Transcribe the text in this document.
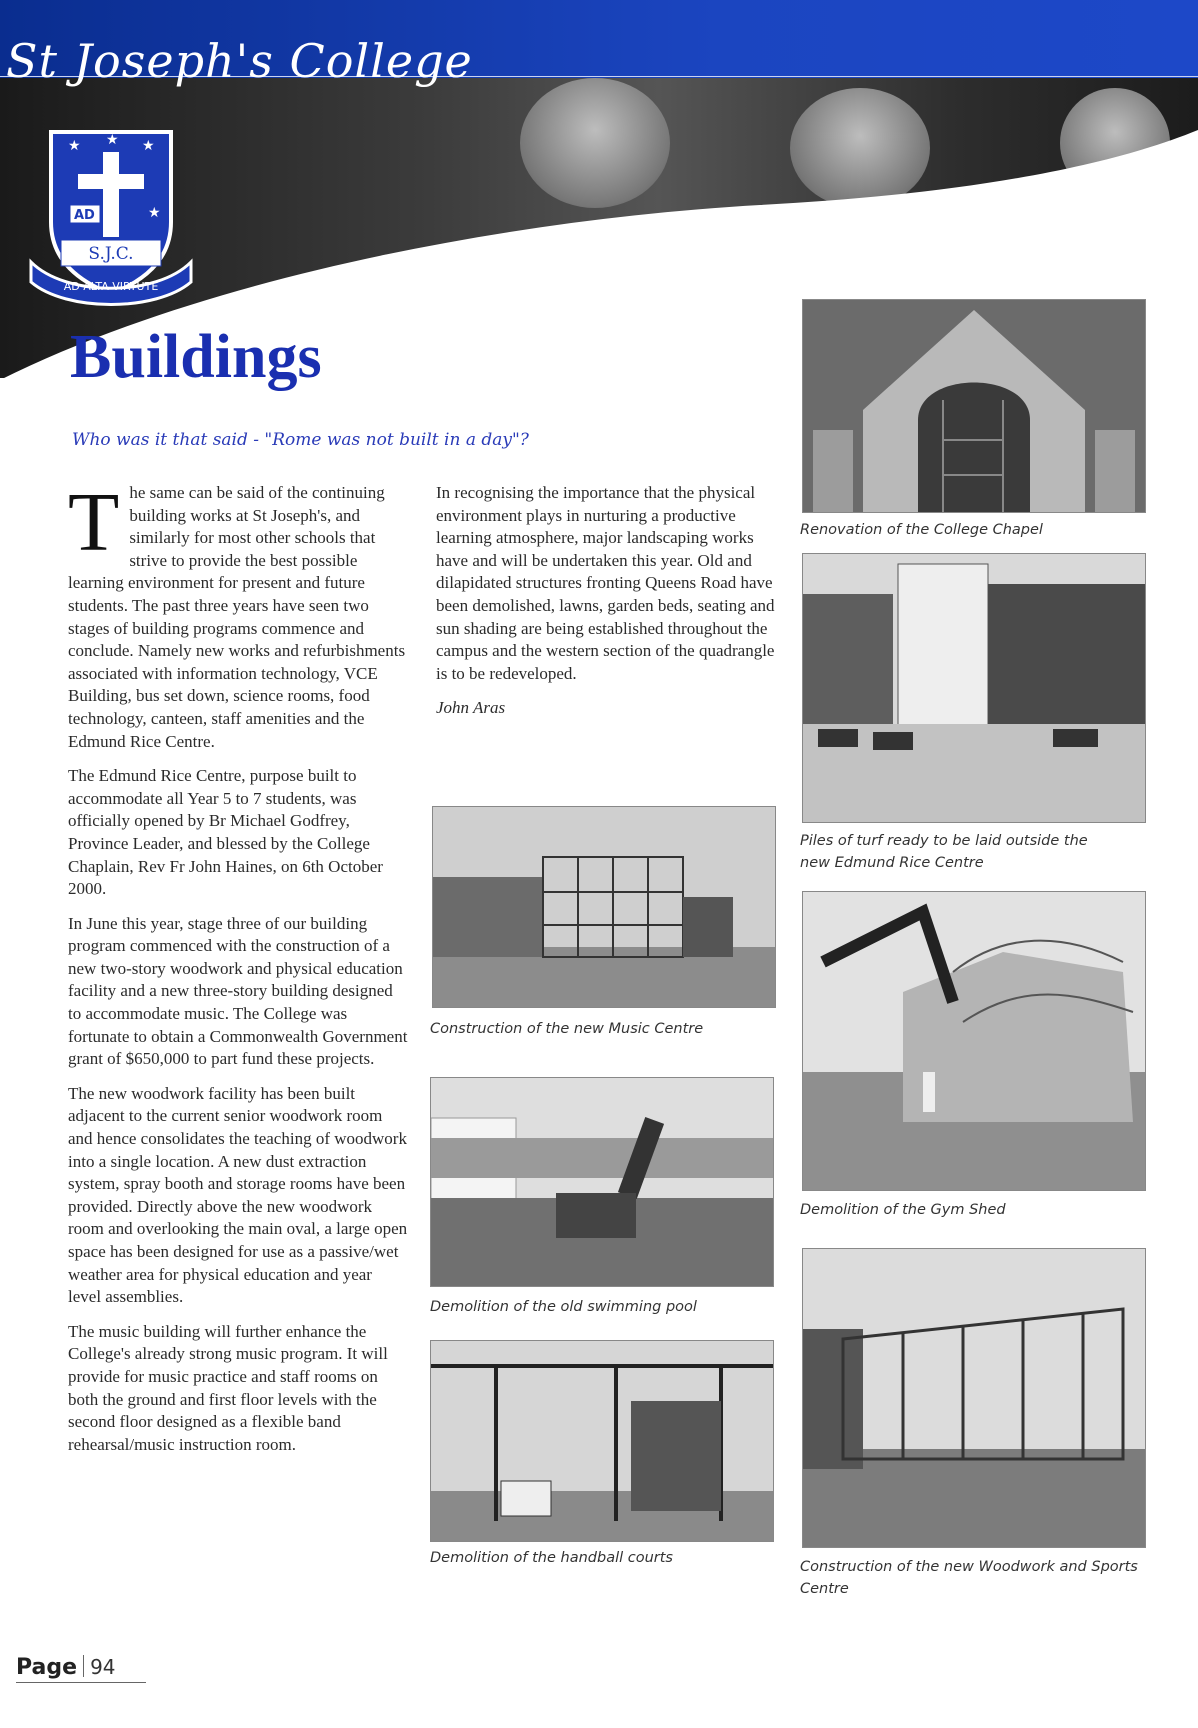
St Joseph's College
★ ★ ★
★
AD
S.J.C.
AD ALTA VIRTUTE
Buildings
Who was it that said - "Rome was not built in a day"?

The same can be said of the continuing building works at St Joseph's, and similarly for most other schools that strive to provide the best possible learning environment for present and future students. The past three years have seen two stages of building programs commence and conclude. Namely new works and refurbishments associated with information technology, VCE Building, bus set down, science rooms, food technology, canteen, staff amenities and the Edmund Rice Centre.

The Edmund Rice Centre, purpose built to accommodate all Year 5 to 7 students, was officially opened by Br Michael Godfrey, Province Leader, and blessed by the College Chaplain, Rev Fr John Haines, on 6th October 2000.

In June this year, stage three of our building program commenced with the construction of a new two-story woodwork and physical education facility and a new three-story building designed to accommodate music. The College was fortunate to obtain a Commonwealth Government grant of $650,000 to part fund these projects.

The new woodwork facility has been built adjacent to the current senior woodwork room and hence consolidates the teaching of woodwork into a single location. A new dust extraction system, spray booth and storage rooms have been provided. Directly above the new woodwork room and overlooking the main oval, a large open space has been designed for use as a passive/wet weather area for physical education and year level assemblies.

The music building will further enhance the College's already strong music program. It will provide for music practice and staff rooms on both the ground and first floor levels with the second floor designed as a flexible band rehearsal/music instruction room.

In recognising the importance that the physical environment plays in nurturing a productive learning atmosphere, major landscaping works have and will be undertaken this year. Old and dilapidated structures fronting Queens Road have been demolished, lawns, garden beds, seating and sun shading are being established throughout the campus and the western section of the quadrangle is to be redeveloped.

John Aras

Construction of the new Music Centre
Demolition of the old swimming pool
Demolition of the handball courts
Renovation of the College Chapel
Piles of turf ready to be laid outside the new Edmund Rice Centre
Demolition of the Gym Shed
Construction of the new Woodwork and Sports Centre
Page 94
